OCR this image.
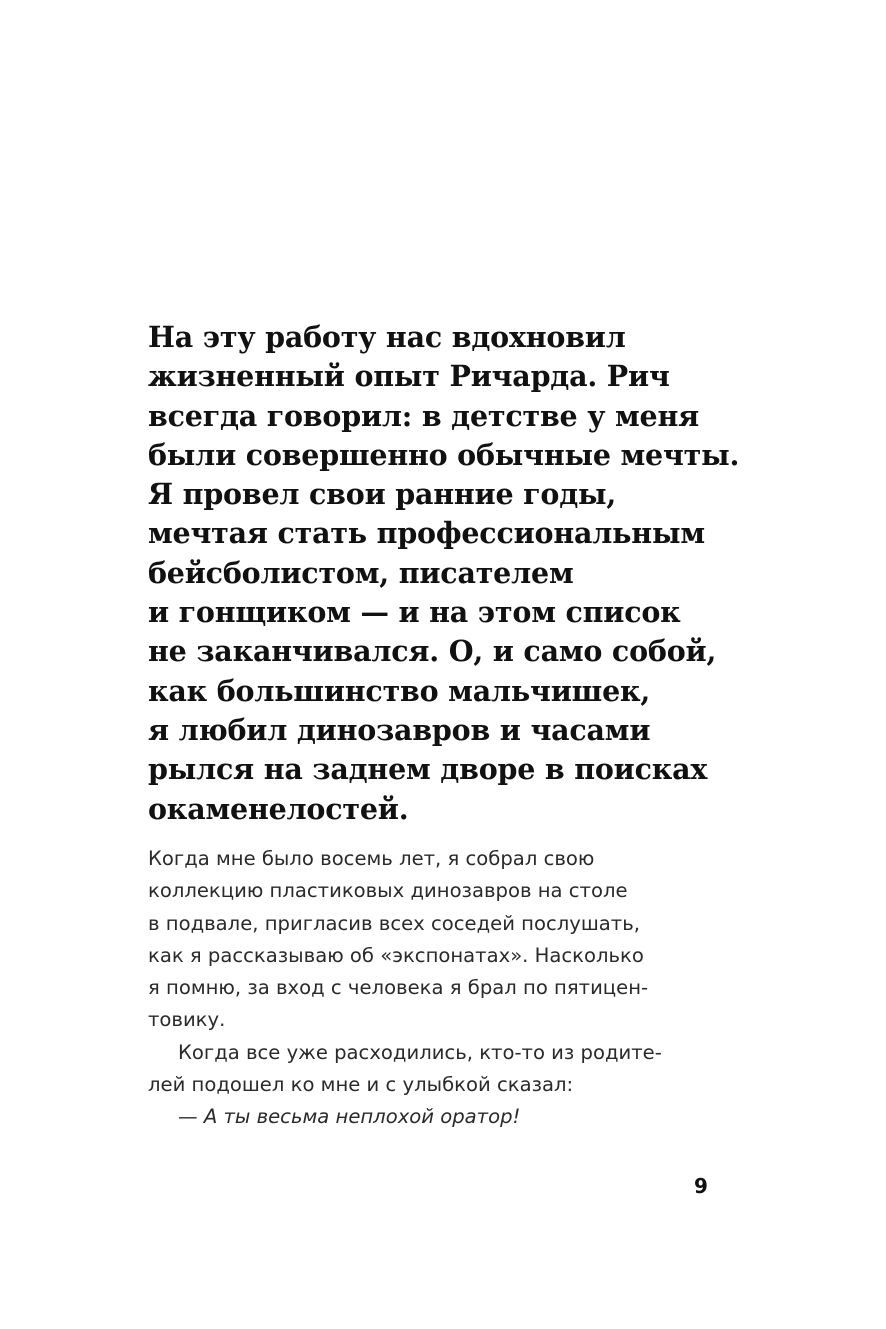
На эту работу нас вдохновил
жизненный опыт Ричарда. Рич
всегда говорил: в детстве у меня
были совершенно обычные мечты.
Я провел свои ранние годы,
мечтая стать профессиональным
бейсболистом, писателем
и гонщиком — и на этом список
не заканчивался. О, и само собой,
как большинство мальчишек,
я любил динозавров и часами
рылся на заднем дворе в поисках
окаменелостей.
Когда мне было восемь лет, я собрал свою
коллекцию пластиковых динозавров на столе
в подвале, пригласив всех соседей послушать,
как я рассказываю об «экспонатах». Насколько
я помню, за вход с человека я брал по пятицен-
товику.
Когда все уже расходились, кто-то из родите-
лей подошел ко мне и с улыбкой сказал:
— А ты весьма неплохой оратор!

9
